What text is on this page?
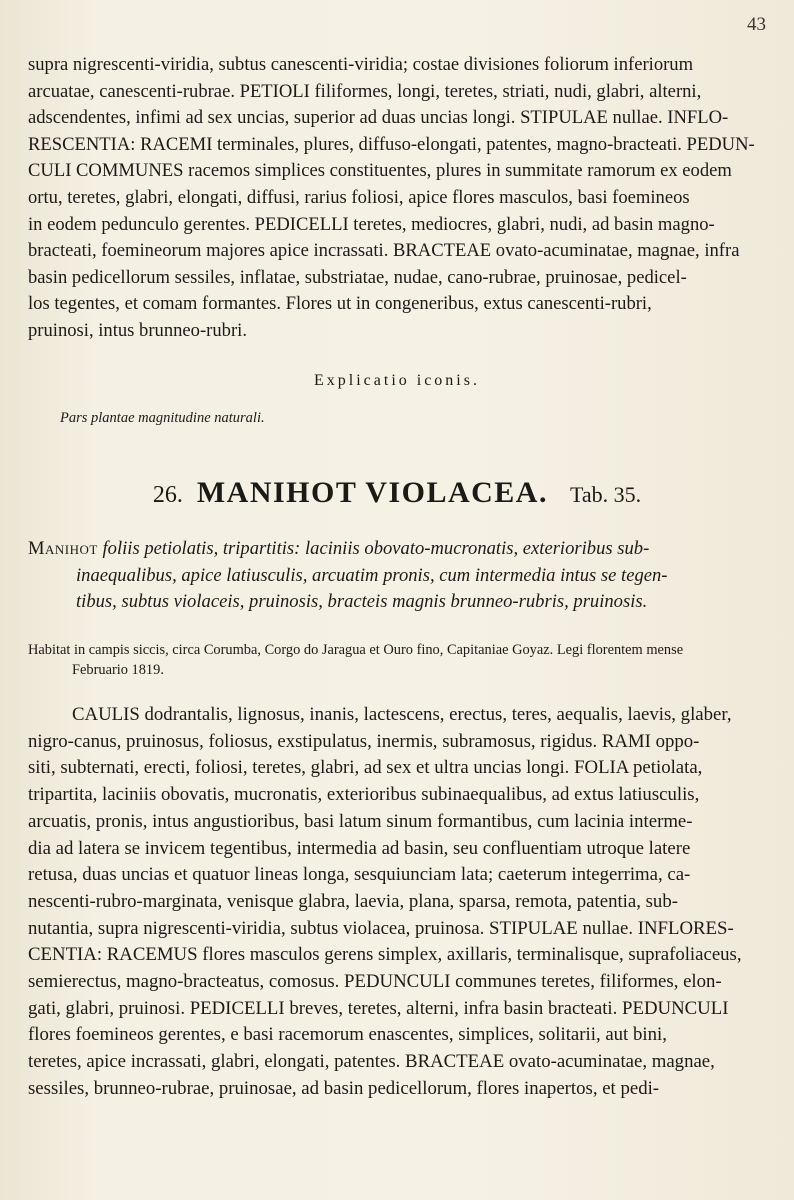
43
supra nigrescenti-viridia, subtus canescenti-viridia; costae divisiones foliorum inferiorum
arcuatae, canescenti-rubrae. PETIOLI filiformes, longi, teretes, striati, nudi, glabri, alterni,
adscendentes, infimi ad sex uncias, superior ad duas uncias longi. STIPULAE nullae. INFLO-
RESCENTIA: RACEMI terminales, plures, diffuso-elongati, patentes, magno-bracteati. PEDUN-
CULI COMMUNES racemos simplices constituentes, plures in summitate ramorum ex eodem
ortu, teretes, glabri, elongati, diffusi, rarius foliosi, apice flores masculos, basi foemineos
in eodem pedunculo gerentes. PEDICELLI teretes, mediocres, glabri, nudi, ad basin magno-
bracteati, foemineorum majores apice incrassati. BRACTEAE ovato-acuminatae, magnae, infra
basin pedicellorum sessiles, inflatae, substriatae, nudae, cano-rubrae, pruinosae, pedicel-
los tegentes, et comam formantes. Flores ut in congeneribus, extus canescenti-rubri,
pruinosi, intus brunneo-rubri.
Explicatio iconis.
Pars plantae magnitudine naturali.
26. MANIHOT VIOLACEA. Tab. 35.
Manihot foliis petiolatis, tripartitis: laciniis obovato-mucronatis, exterioribus sub-
inaequalibus, apice latiusculis, arcuatim pronis, cum intermedia intus se tegen-
tibus, subtus violaceis, pruinosis, bracteis magnis brunneo-rubris, pruinosis.
Habitat in campis siccis, circa Corumba, Corgo do Jaragua et Ouro fino, Capitaniae Goyaz. Legi florentem mense
Februario 1819.
CAULIS dodrantalis, lignosus, inanis, lactescens, erectus, teres, aequalis, laevis, glaber,
nigro-canus, pruinosus, foliosus, exstipulatus, inermis, subramosus, rigidus. RAMI oppo-
siti, subternati, erecti, foliosi, teretes, glabri, ad sex et ultra uncias longi. FOLIA petiolata,
tripartita, laciniis obovatis, mucronatis, exterioribus subinaequalibus, ad extus latiusculis,
arcuatis, pronis, intus angustioribus, basi latum sinum formantibus, cum lacinia interme-
dia ad latera se invicem tegentibus, intermedia ad basin, seu confluentiam utroque latere
retusa, duas uncias et quatuor lineas longa, sesquiunciam lata; caeterum integerrima, ca-
nescenti-rubro-marginata, venisque glabra, laevia, plana, sparsa, remota, patentia, sub-
nutantia, supra nigrescenti-viridia, subtus violacea, pruinosa. STIPULAE nullae. INFLORES-
CENTIA: RACEMUS flores masculos gerens simplex, axillaris, terminalisque, suprafoliaceus,
semierectus, magno-bracteatus, comosus. PEDUNCULI communes teretes, filiformes, elon-
gati, glabri, pruinosi. PEDICELLI breves, teretes, alterni, infra basin bracteati. PEDUNCULI
flores foemineos gerentes, e basi racemorum enascentes, simplices, solitarii, aut bini,
teretes, apice incrassati, glabri, elongati, patentes. BRACTEAE ovato-acuminatae, magnae,
sessiles, brunneo-rubrae, pruinosae, ad basin pedicellorum, flores inapertos, et pedi-
